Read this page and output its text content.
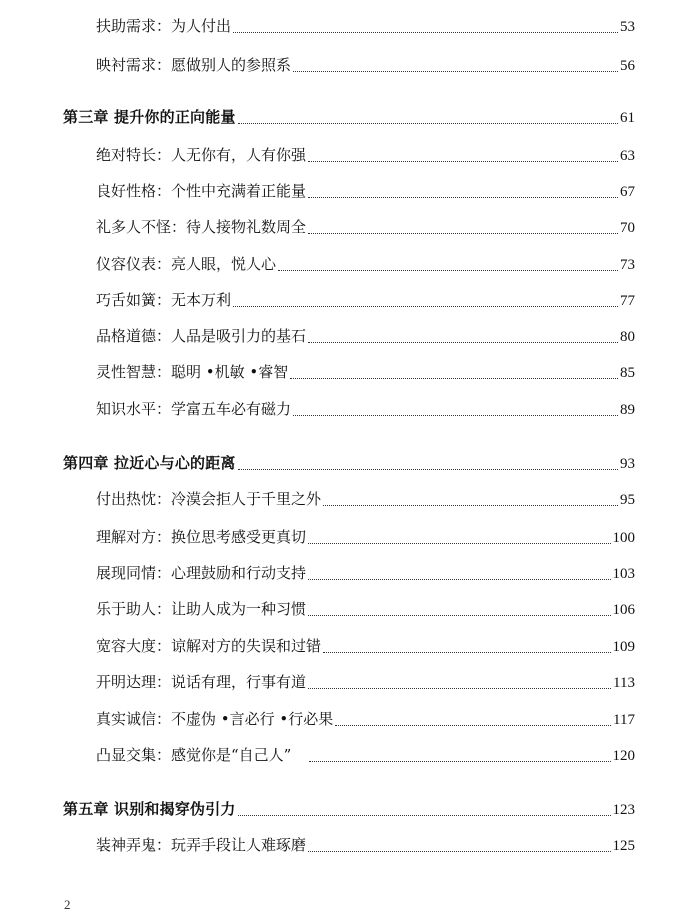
扶助需求：为人付出	53
映衬需求：愿做别人的参照系	56
第三章 提升你的正向能量	61
绝对特长：人无你有，人有你强	63
良好性格：个性中充满着正能量	67
礼多人不怪：待人接物礼数周全	70
仪容仪表：亮人眼，悦人心	73
巧舌如簧：无本万利	77
品格道德：人品是吸引力的基石	80
灵性智慧：聪明 •机敏 •睿智	85
知识水平：学富五车必有磁力	89
第四章 拉近心与心的距离	93
付出热忱：冷漠会拒人于千里之外	95
理解对方：换位思考感受更真切	100
展现同情：心理鼓励和行动支持	103
乐于助人：让助人成为一种习惯	106
宽容大度：谅解对方的失误和过错	109
开明达理：说话有理，行事有道	113
真实诚信：不虚伪 •言必行 •行必果	117
凸显交集：感觉你是“自己人”	120
第五章 识别和揭穿伪引力	123
装神弄鬼：玩弄手段让人难琢磨	125
2
